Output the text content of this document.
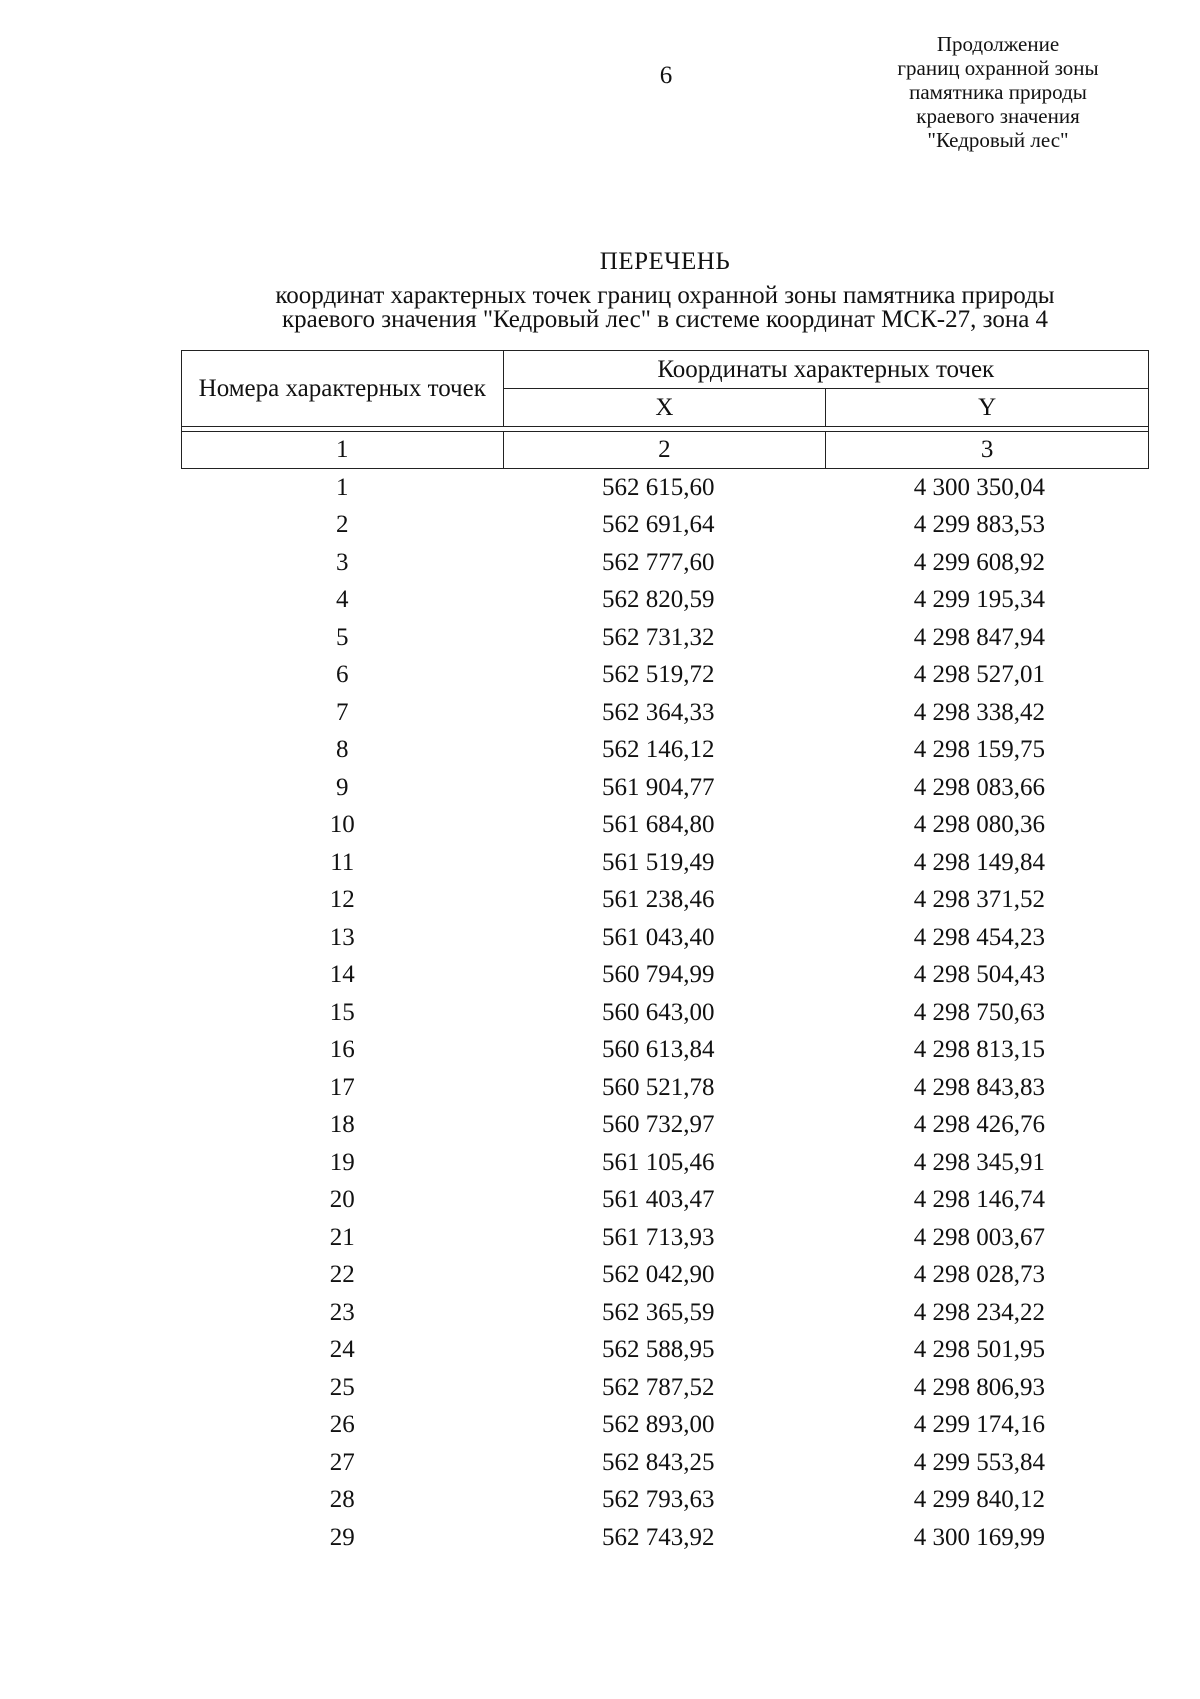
6
Продолжение
границ охранной зоны
памятника природы
краевого значения
"Кедровый лес"
ПЕРЕЧЕНЬ
координат характерных точек границ охранной зоны памятника природы
краевого значения "Кедровый лес" в системе координат МСК-27, зона 4
Номера характерных точек	Координаты характерных точек	
	X	Y

1	2	3
1	562 615,60	4 300 350,04
2	562 691,64	4 299 883,53
3	562 777,60	4 299 608,92
4	562 820,59	4 299 195,34
5	562 731,32	4 298 847,94
6	562 519,72	4 298 527,01
7	562 364,33	4 298 338,42
8	562 146,12	4 298 159,75
9	561 904,77	4 298 083,66
10	561 684,80	4 298 080,36
11	561 519,49	4 298 149,84
12	561 238,46	4 298 371,52
13	561 043,40	4 298 454,23
14	560 794,99	4 298 504,43
15	560 643,00	4 298 750,63
16	560 613,84	4 298 813,15
17	560 521,78	4 298 843,83
18	560 732,97	4 298 426,76
19	561 105,46	4 298 345,91
20	561 403,47	4 298 146,74
21	561 713,93	4 298 003,67
22	562 042,90	4 298 028,73
23	562 365,59	4 298 234,22
24	562 588,95	4 298 501,95
25	562 787,52	4 298 806,93
26	562 893,00	4 299 174,16
27	562 843,25	4 299 553,84
28	562 793,63	4 299 840,12
29	562 743,92	4 300 169,99
